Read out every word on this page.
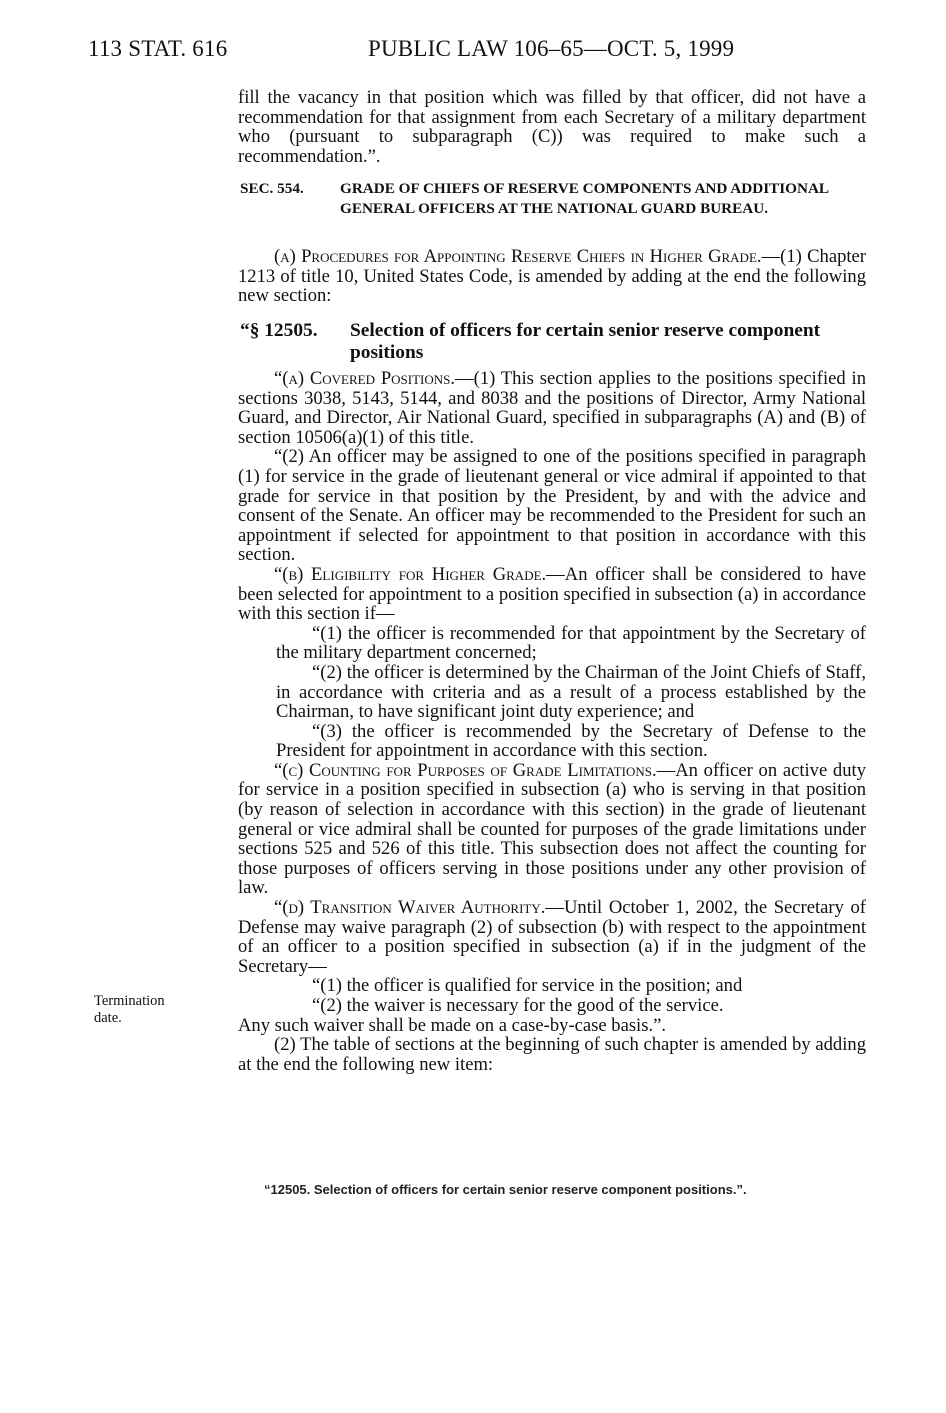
113 STAT. 616	PUBLIC LAW 106–65—OCT. 5, 1999

fill the vacancy in that position which was filled by that officer, did not have a recommendation for that assignment from each Secretary of a military department who (pursuant to subparagraph (C)) was required to make such a recommendation.”.

SEC. 554.	GRADE OF CHIEFS OF RESERVE COMPONENTS AND ADDITIONAL GENERAL OFFICERS AT THE NATIONAL GUARD BUREAU.

(a) Procedures for Appointing Reserve Chiefs in Higher Grade.—(1) Chapter 1213 of title 10, United States Code, is amended by adding at the end the following new section:

“§ 12505.	Selection of officers for certain senior reserve component positions

“(a) Covered Positions.—(1) This section applies to the positions specified in sections 3038, 5143, 5144, and 8038 and the positions of Director, Army National Guard, and Director, Air National Guard, specified in subparagraphs (A) and (B) of section 10506(a)(1) of this title.

“(2) An officer may be assigned to one of the positions specified in paragraph (1) for service in the grade of lieutenant general or vice admiral if appointed to that grade for service in that position by the President, by and with the advice and consent of the Senate. An officer may be recommended to the President for such an appointment if selected for appointment to that position in accordance with this section.

“(b) Eligibility for Higher Grade.—An officer shall be considered to have been selected for appointment to a position specified in subsection (a) in accordance with this section if—

“(1) the officer is recommended for that appointment by the Secretary of the military department concerned;

“(2) the officer is determined by the Chairman of the Joint Chiefs of Staff, in accordance with criteria and as a result of a process established by the Chairman, to have significant joint duty experience; and

“(3) the officer is recommended by the Secretary of Defense to the President for appointment in accordance with this section.

“(c) Counting for Purposes of Grade Limitations.—An officer on active duty for service in a position specified in subsection (a) who is serving in that position (by reason of selection in accordance with this section) in the grade of lieutenant general or vice admiral shall be counted for purposes of the grade limitations under sections 525 and 526 of this title. This subsection does not affect the counting for those purposes of officers serving in those positions under any other provision of law.

“(d) Transition Waiver Authority.—Until October 1, 2002, the Secretary of Defense may waive paragraph (2) of subsection (b) with respect to the appointment of an officer to a position specified in subsection (a) if in the judgment of the Secretary—

“(1) the officer is qualified for service in the position; and

“(2) the waiver is necessary for the good of the service.

Any such waiver shall be made on a case-by-case basis.”.

(2) The table of sections at the beginning of such chapter is amended by adding at the end the following new item:

Termination
date.
“12505. Selection of officers for certain senior reserve component positions.”.
